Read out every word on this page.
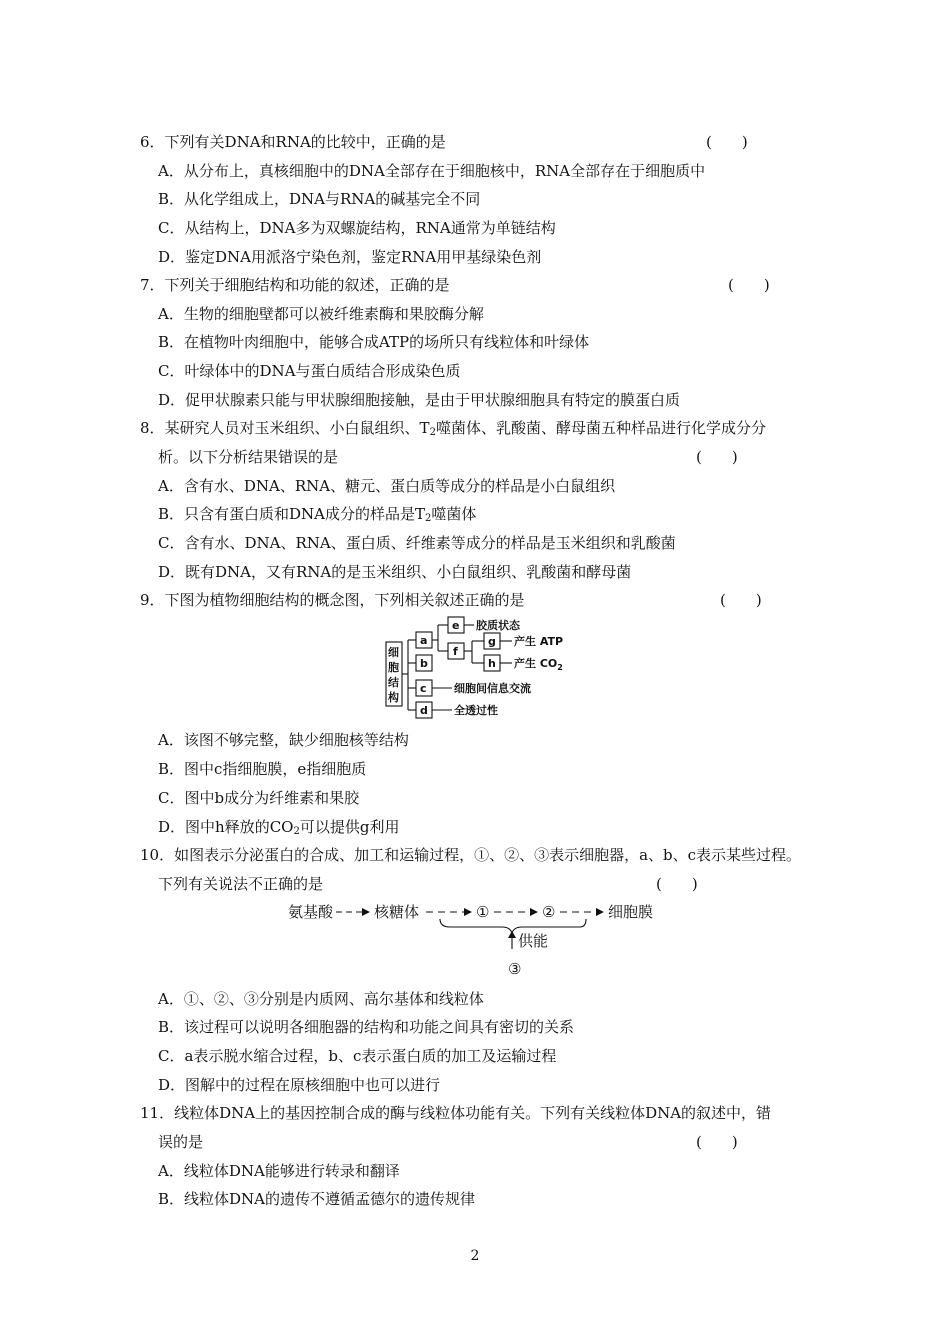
6．下列有关DNA和RNA的比较中，正确的是	(　　)
A．从分布上，真核细胞中的DNA全部存在于细胞核中，RNA全部存在于细胞质中
B．从化学组成上，DNA与RNA的碱基完全不同
C．从结构上，DNA多为双螺旋结构，RNA通常为单链结构
D．鉴定DNA用派洛宁染色剂，鉴定RNA用甲基绿染色剂
7．下列关于细胞结构和功能的叙述，正确的是	(　　)
A．生物的细胞壁都可以被纤维素酶和果胶酶分解
B．在植物叶肉细胞中，能够合成ATP的场所只有线粒体和叶绿体
C．叶绿体中的DNA与蛋白质结合形成染色质
D．促甲状腺素只能与甲状腺细胞接触，是由于甲状腺细胞具有特定的膜蛋白质
8．某研究人员对玉米组织、小白鼠组织、$T_2$噬菌体、乳酸菌、酵母菌五种样品进行化学成分分
析。以下分析结果错误的是	(　　)
A．含有水、DNA、RNA、糖元、蛋白质等成分的样品是小白鼠组织
B．只含有蛋白质和DNA成分的样品是$T_2$噬菌体
C．含有水、DNA、RNA、蛋白质、纤维素等成分的样品是玉米组织和乳酸菌
D．既有DNA，又有RNA的是玉米组织、小白鼠组织、乳酸菌和酵母菌
9．下图为植物细胞结构的概念图，下列相关叙述正确的是	(　　)
细
胞
结
构
a
b
c
d
e
f
g
h
胶质状态
产生 ATP
产生 $CO_2$
细胞间信息交流
全透过性
A．该图不够完整，缺少细胞核等结构
B．图中c指细胞膜，e指细胞质
C．图中b成分为纤维素和果胶
D．图中h释放的$CO_2$可以提供g利用
10．如图表示分泌蛋白的合成、加工和运输过程，①、②、③表示细胞器，a、b、c表示某些过程。
下列有关说法不正确的是	(　　)
氨基酸	核糖体	①	②	细胞膜
供能
③
A．①、②、③分别是内质网、高尔基体和线粒体
B．该过程可以说明各细胞器的结构和功能之间具有密切的关系
C．a表示脱水缩合过程，b、c表示蛋白质的加工及运输过程
D．图解中的过程在原核细胞中也可以进行
11．线粒体DNA上的基因控制合成的酶与线粒体功能有关。下列有关线粒体DNA的叙述中，错
误的是	(　　)
A．线粒体DNA能够进行转录和翻译
B．线粒体DNA的遗传不遵循孟德尔的遗传规律
2
